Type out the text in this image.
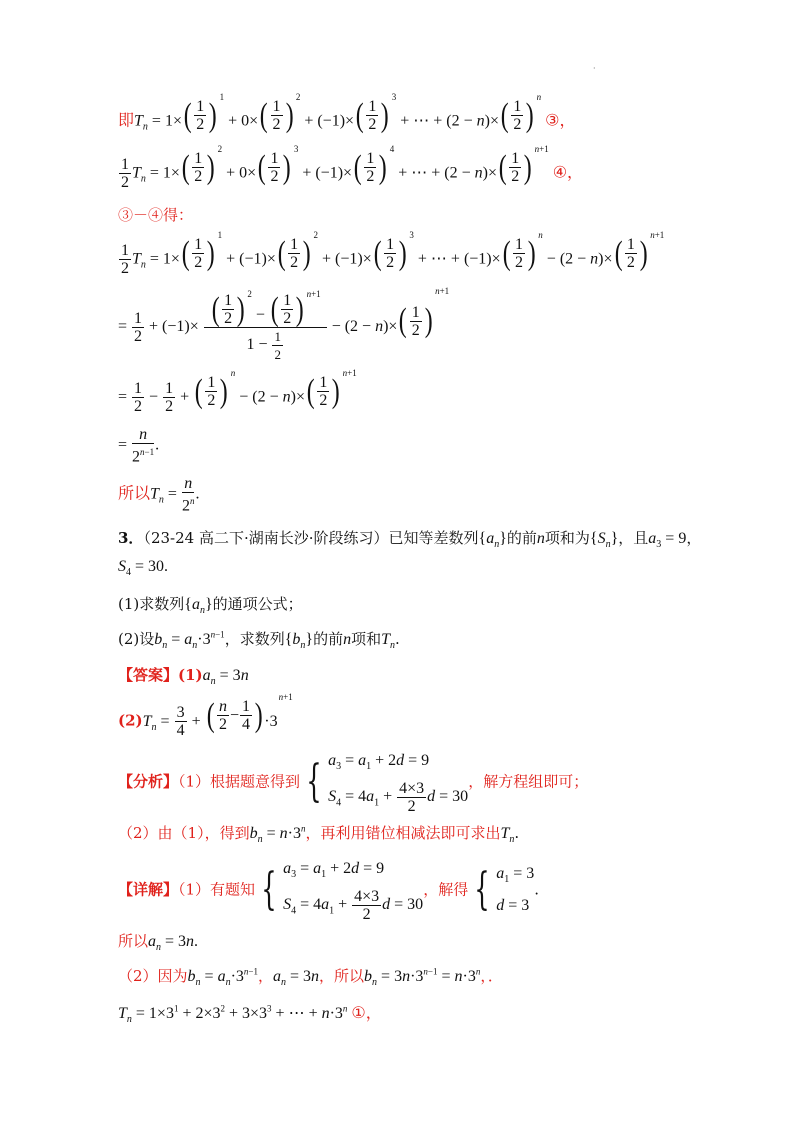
·
即$T_n = 1\times$ ( 1
2 ) $^1$ + 0× ( 1
2 ) $^2$ + (−1)× ( 1
2 ) $^3$ + ⋯ + (2 − n)× ( 1
2 ) $^n$ ③，
$\frac{1}{2} T_n = 1\times$ ( 1
2 ) $^2$ + 0× ( 1
2 ) $^3$ + (−1)× ( 1
2 ) $^4$ + ⋯ + (2 − n)× ( 1
2 ) $^{n+1}$ ④，
③－④得：
$\frac{1}{2} T_n = 1\times$ ( 1
2 ) $^1$ + (−1)× ( 1
2 ) $^2$ + (−1)× ( 1
2 ) $^3$ + ⋯ + (−1)× ( 1
2 ) $^n$ − (2 − n)× ( 1
2 ) $^{n+1}$
= $\frac{1}{2} + (-1)\times$ ( 1
2 ) $^2$ − ( 1
2 ) $^{n+1}$
$1 - \frac{1}{2} - (2 - n)\times$ ( 1
2 )
$^{n+1}$
= $\frac{1}{2} - \frac{1}{2}$ + ( 1
2 ) $^n$ − (2 − n)× ( 1
2 ) $^{n+1}$
= $\frac{n}{2^{n-1}}$ .
所以$T_n = \frac{n}{2^n}$ .
3．（23-24 高二下·湖南长沙·阶段练习）已知等差数列$\{a_n\}$的前n项和为$\{S_n\}$，且$a_3 = 9$，
$S_4 = 30$.
(1)求数列$\{a_n\}$的通项公式；
(2)设$b_n = a_n\cdot 3^{n-1}$，求数列$\{b_n\}$的前n项和$T_n$.
【答案】$(1)a_n = 3n$
$(2)T_n = \frac{3}{4}$ + ( n
2
− 1
4 ) $\cdot 3^{n+1}$
【分析】（1）根据题意得到 { $a_3 = a_1 + 2d = 9$
$S_4 = 4a_1 + \frac{4\times 3}{2}$ d = 30
，解方程组即可；
（2）由（1），得到$b_n = n\cdot 3^n$，再利用错位相减法即可求出$T_n$.
【详解】（1）有题知 { $a_3 = a_1 + 2d = 9$
$S_4 = 4a_1 + \frac{4\times 3}{2}$ d = 30
，解得 { $a_1 = 3$
d = 3
.
所以$a_n = 3n$.
（2）因为$b_n = a_n\cdot 3^{n-1}$，$a_n = 3n$，所以$b_n = 3n\cdot 3^{n-1} = n\cdot 3^n$，．
$T_n = 1\times 3^1 + 2\times 3^2 + 3\times 3^3$ + ⋯ + $n\cdot 3^n$ ①，
